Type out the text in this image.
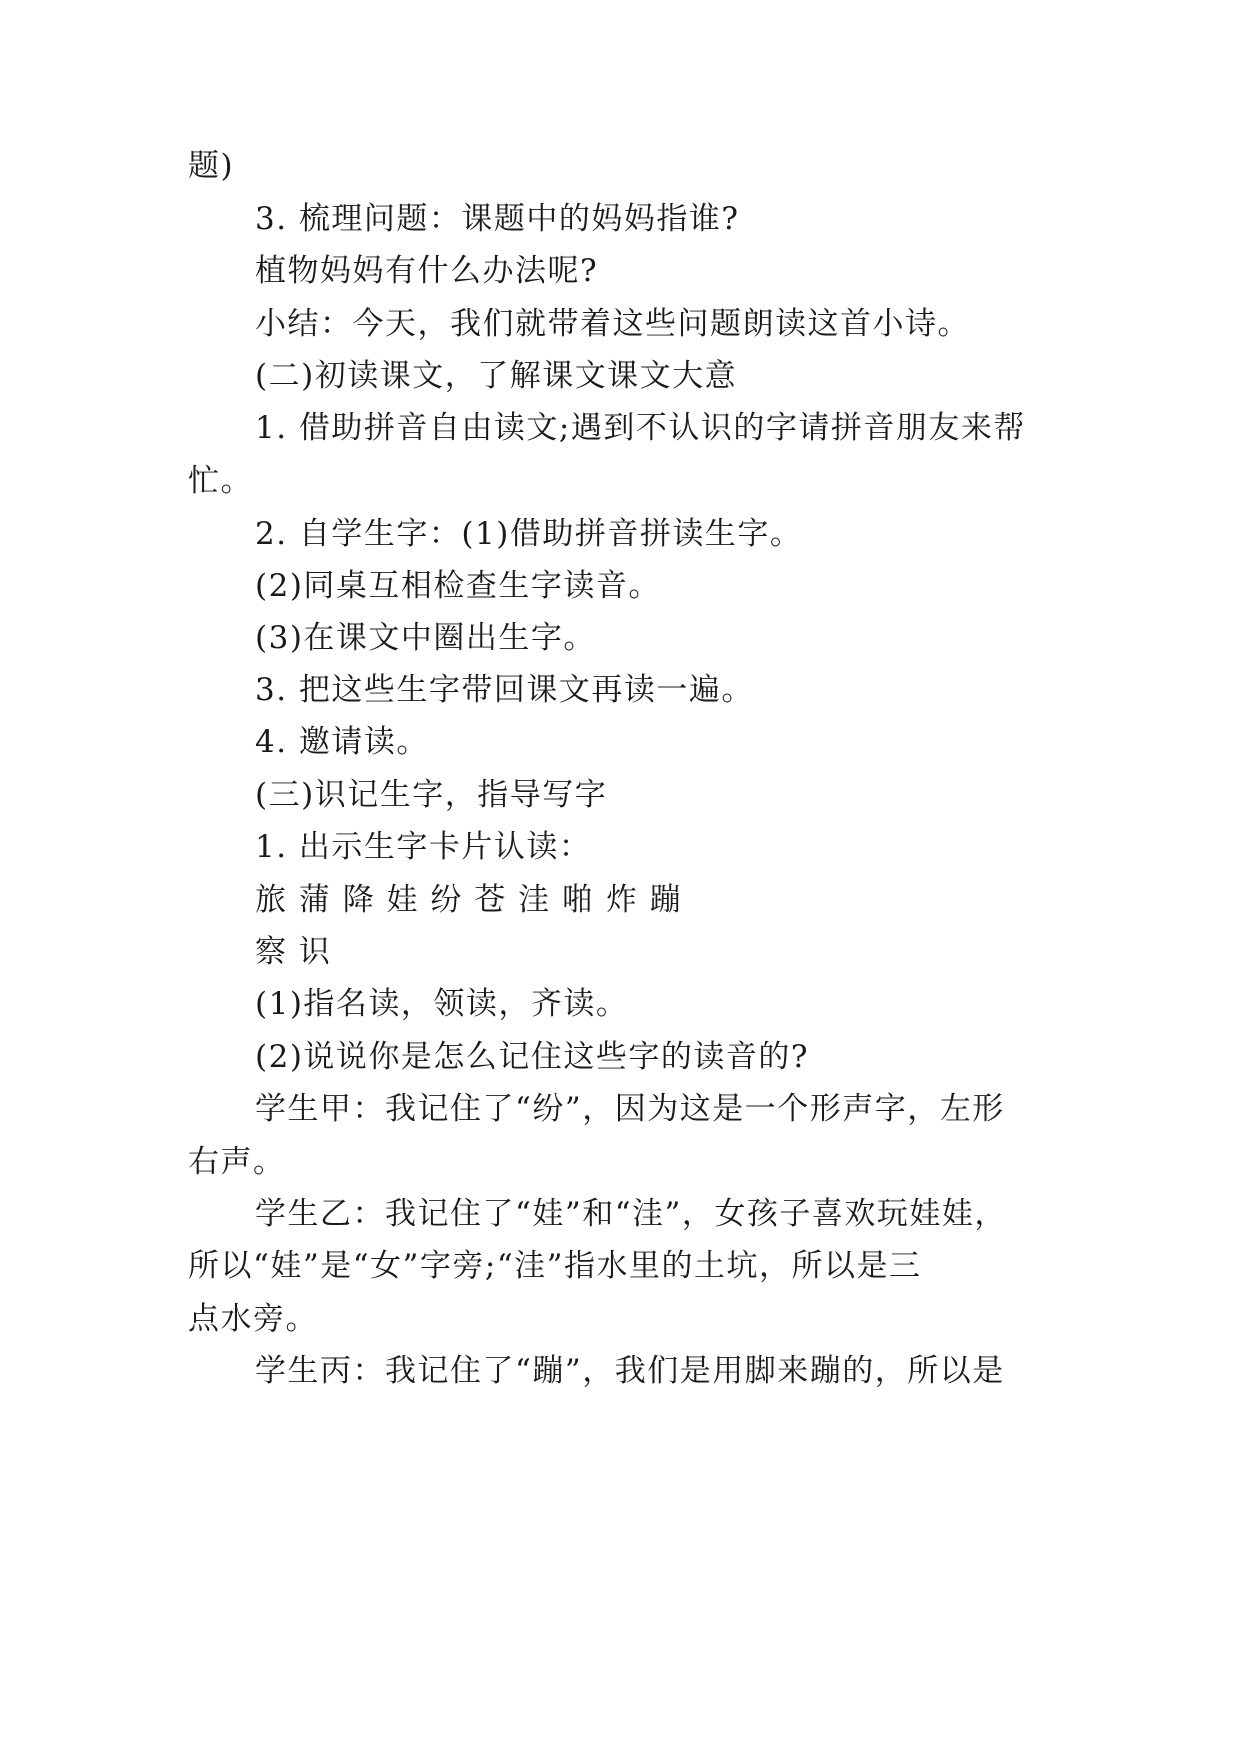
题)
3. 梳理问题：课题中的妈妈指谁?
植物妈妈有什么办法呢?
小结：今天，我们就带着这些问题朗读这首小诗。
(二)初读课文，了解课文课文大意
1. 借助拼音自由读文;遇到不认识的字请拼音朋友来帮
忙。
2. 自学生字：(1)借助拼音拼读生字。
(2)同桌互相检查生字读音。
(3)在课文中圈出生字。
3. 把这些生字带回课文再读一遍。
4. 邀请读。
(三)识记生字，指导写字
1. 出示生字卡片认读：
旅 蒲 降 娃 纷 苍 洼 啪 炸 蹦
察 识
(1)指名读，领读，齐读。
(2)说说你是怎么记住这些字的读音的?
学生甲：我记住了“纷”，因为这是一个形声字，左形
右声。
学生乙：我记住了“娃”和“洼”，女孩子喜欢玩娃娃，
所以“娃”是“女”字旁;“洼”指水里的土坑，所以是三
点水旁。
学生丙：我记住了“蹦”，我们是用脚来蹦的，所以是
